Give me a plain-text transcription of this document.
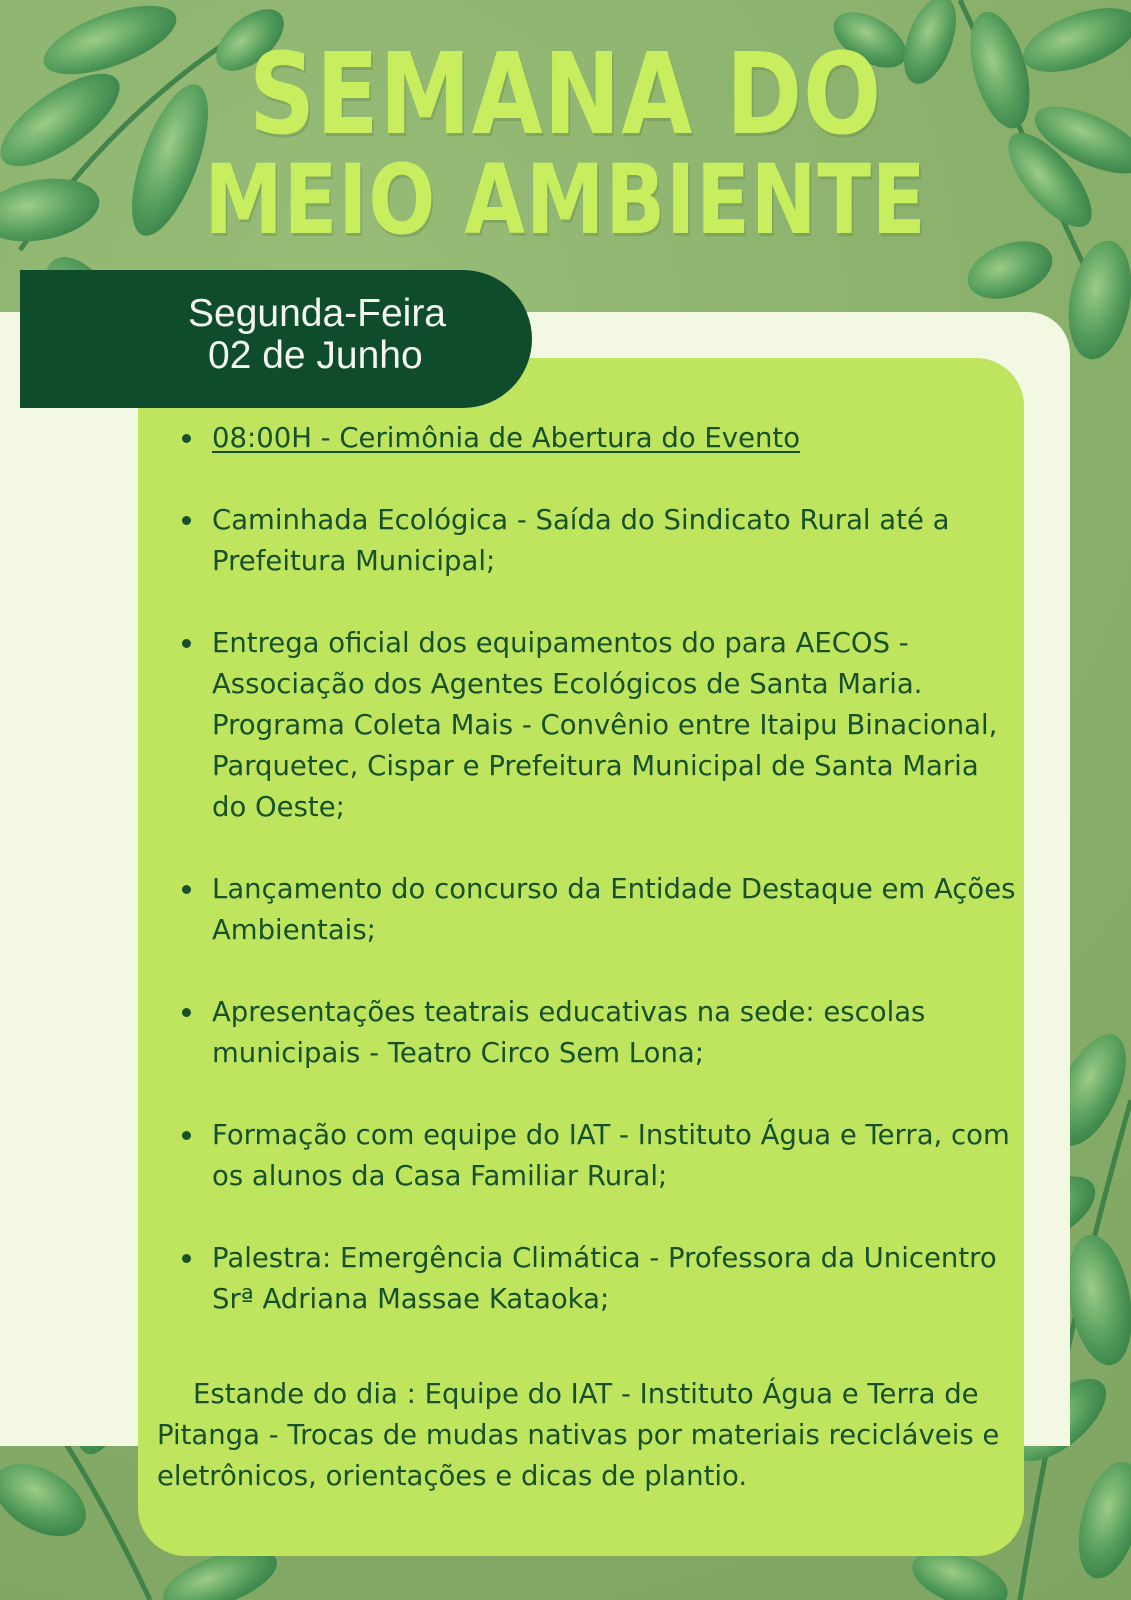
SEMANA DO
MEIO AMBIENTE
Segunda-Feira
02 de Junho
08:00H - Cerimônia de Abertura do Evento
Caminhada Ecológica - Saída do Sindicato Rural até a Prefeitura Municipal;
Entrega oficial dos equipamentos do para AECOS - Associação dos Agentes Ecológicos de Santa Maria. Programa Coleta Mais - Convênio entre Itaipu Binacional, Parquetec, Cispar e Prefeitura Municipal de Santa Maria do Oeste;
Lançamento do concurso da Entidade Destaque em Ações Ambientais;
Apresentações teatrais educativas na sede: escolas municipais - Teatro Circo Sem Lona;
Formação com equipe do IAT - Instituto Água e Terra, com os alunos da Casa Familiar Rural;
Palestra: Emergência Climática - Professora da Unicentro Srª Adriana Massae Kataoka;

Estande do dia : Equipe do IAT - Instituto Água e Terra de Pitanga - Trocas de mudas nativas por materiais recicláveis e eletrônicos, orientações e dicas de plantio.
